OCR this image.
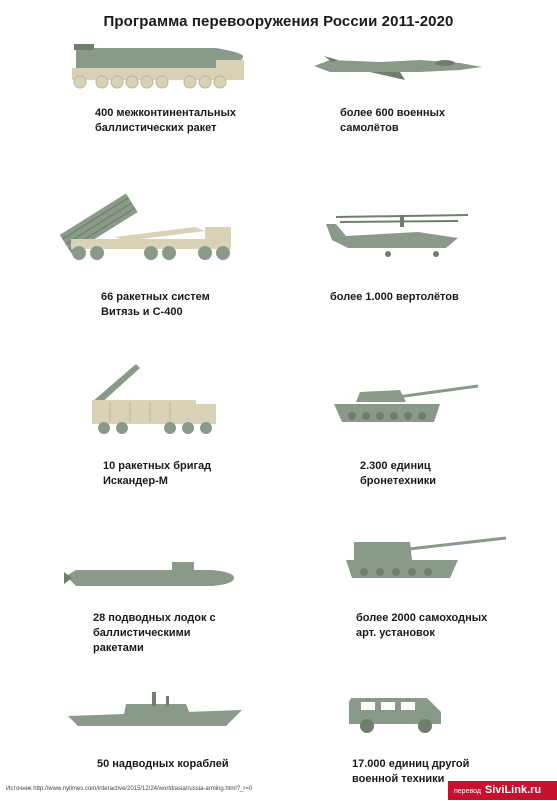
Программа перевооружения России 2011-2020
400 межконтинентальных
баллистических ракет
более 600 военных
самолётов
66 ракетных систем
Витязь и С-400
более 1.000 вертолётов
10 ракетных бригад
Искандер-М
2.300 единиц
бронетехники
28 подводных лодок с
баллистическими
ракетами
более 2000 самоходных
арт. установок
50 надводных кораблей	17.000 единиц другой
военной техники
Источник http://www.nytimes.com/interactive/2015/12/24/world/asia/russia-arming.html?_r=0	перевод SiviLink.ru
